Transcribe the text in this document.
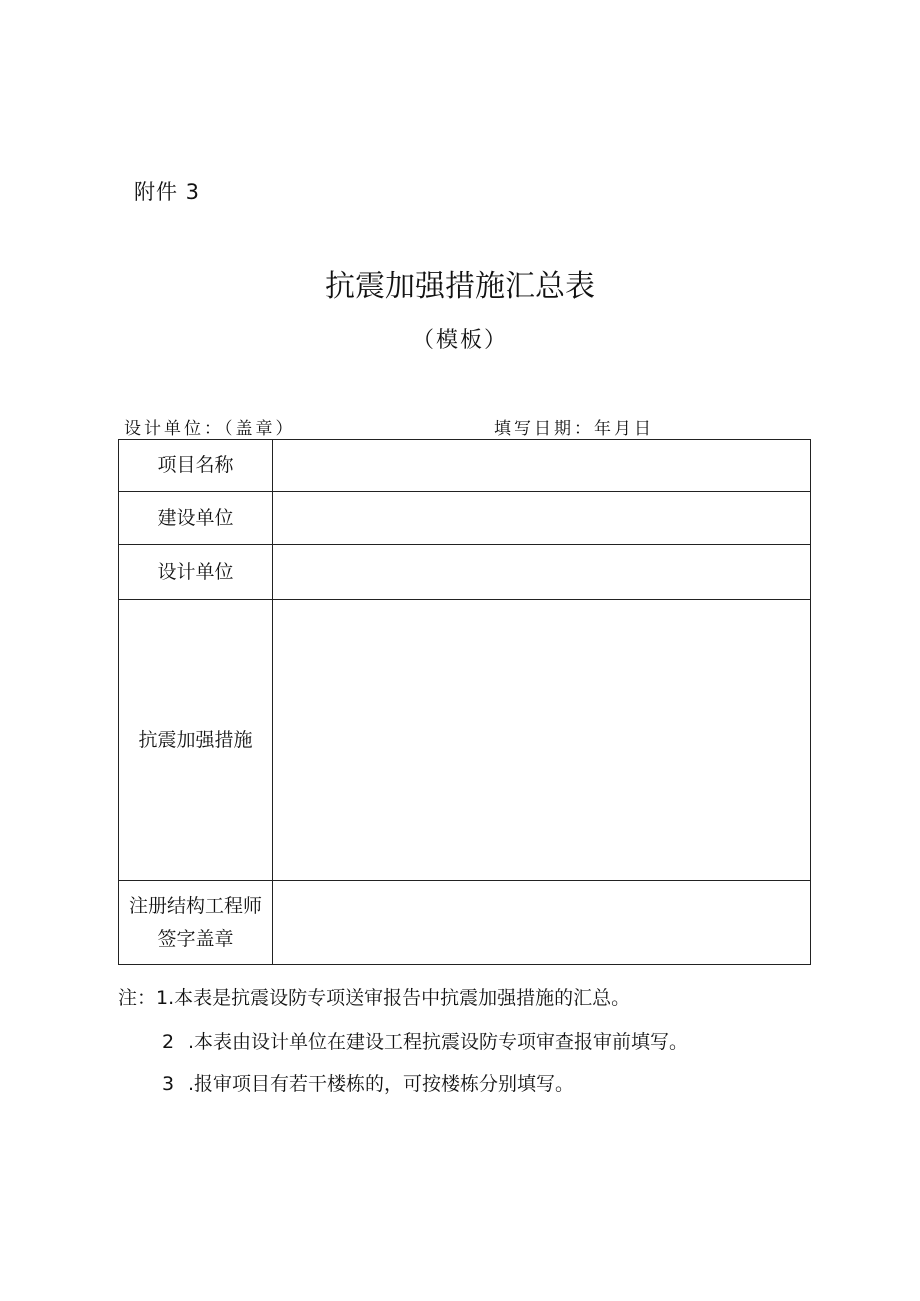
附件 3
抗震加强措施汇总表
（模板）
设计单位：（盖章）	填写日期：年月日
项目名称	
建设单位	
设计单位	
抗震加强措施	

注册结构工程师
签字盖章	

注：1.本表是抗震设防专项送审报告中抗震加强措施的汇总。
2 .本表由设计单位在建设工程抗震设防专项审查报审前填写。
3 .报审项目有若干楼栋的，可按楼栋分别填写。
